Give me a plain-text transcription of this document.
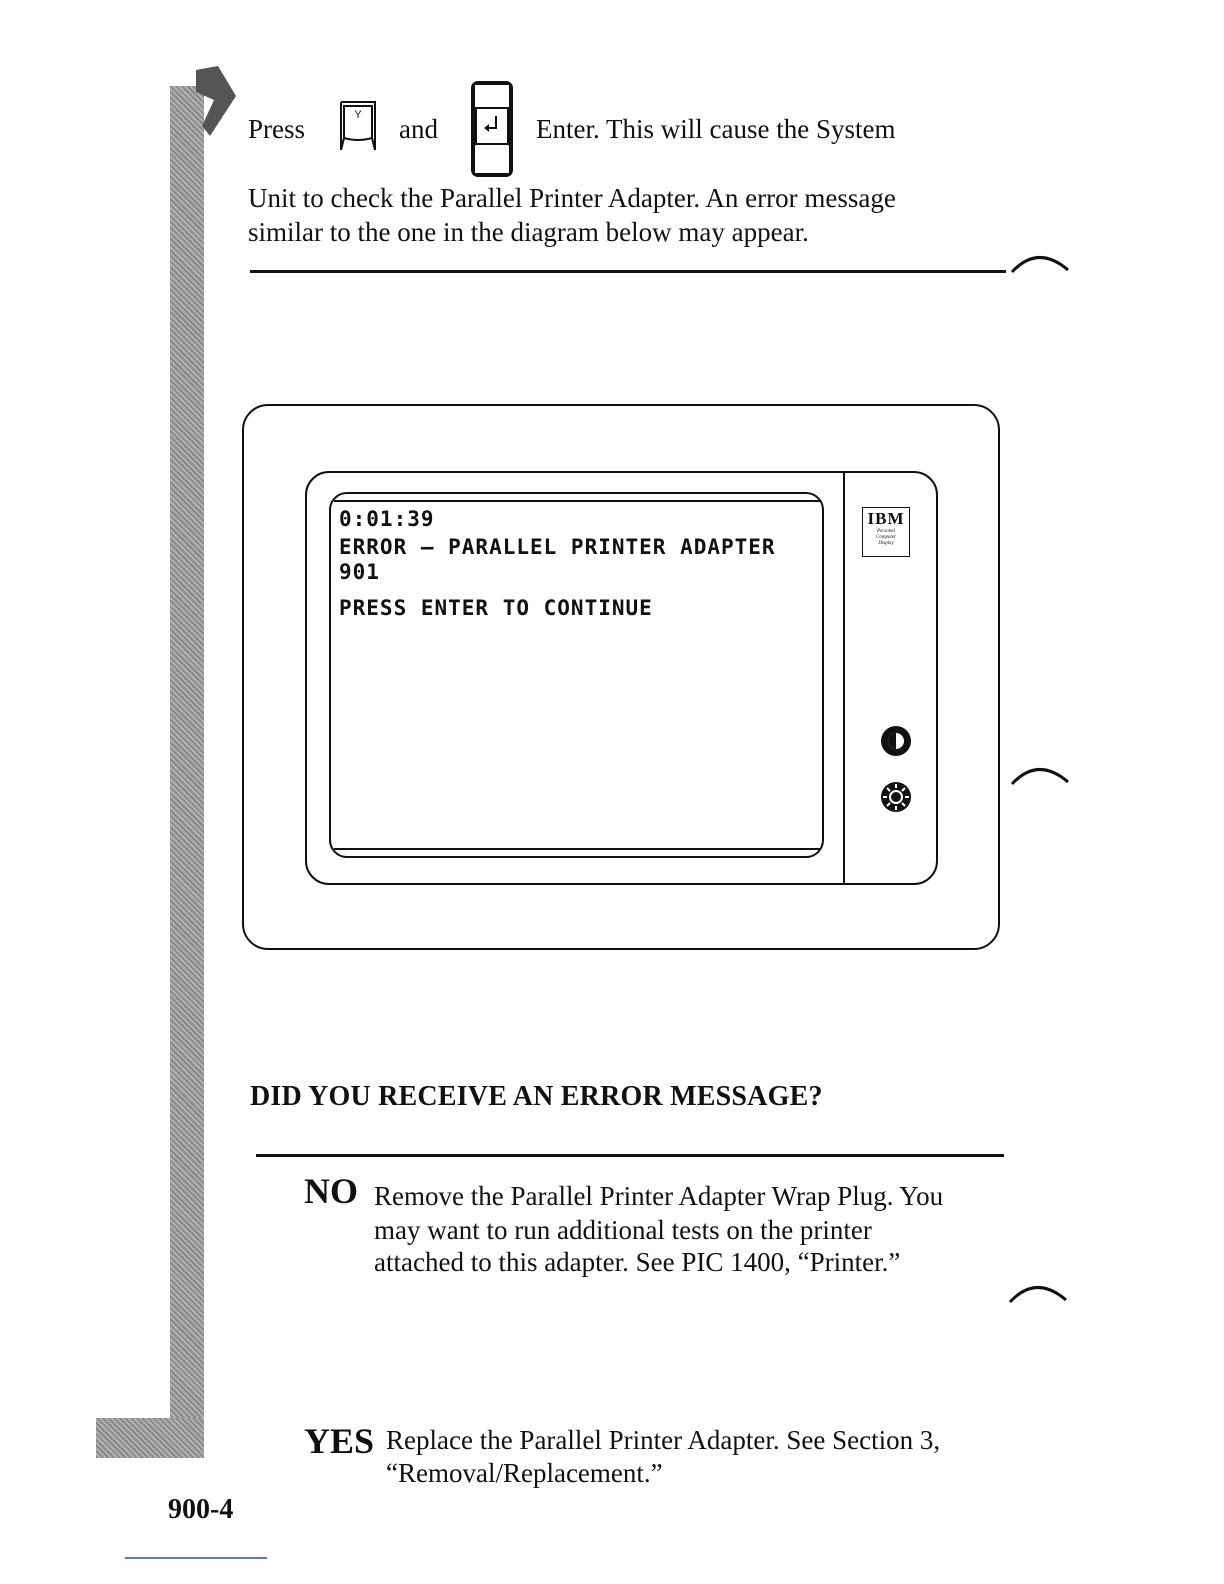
Press	Y and	Enter. This will cause the System
Unit to check the Parallel Printer Adapter. An error message
similar to the one in the diagram below may appear.
0:01:39
ERROR – PARALLEL PRINTER ADAPTER
901
PRESS ENTER TO CONTINUE
IBM
Personal
Computer
Display
DID YOU RECEIVE AN ERROR MESSAGE?
NO Remove the Parallel Printer Adapter Wrap Plug. You
may want to run additional tests on the printer
attached to this adapter. See PIC 1400, “Printer.”
YES Replace the Parallel Printer Adapter. See Section 3,
“Removal/Replacement.”
900-4
